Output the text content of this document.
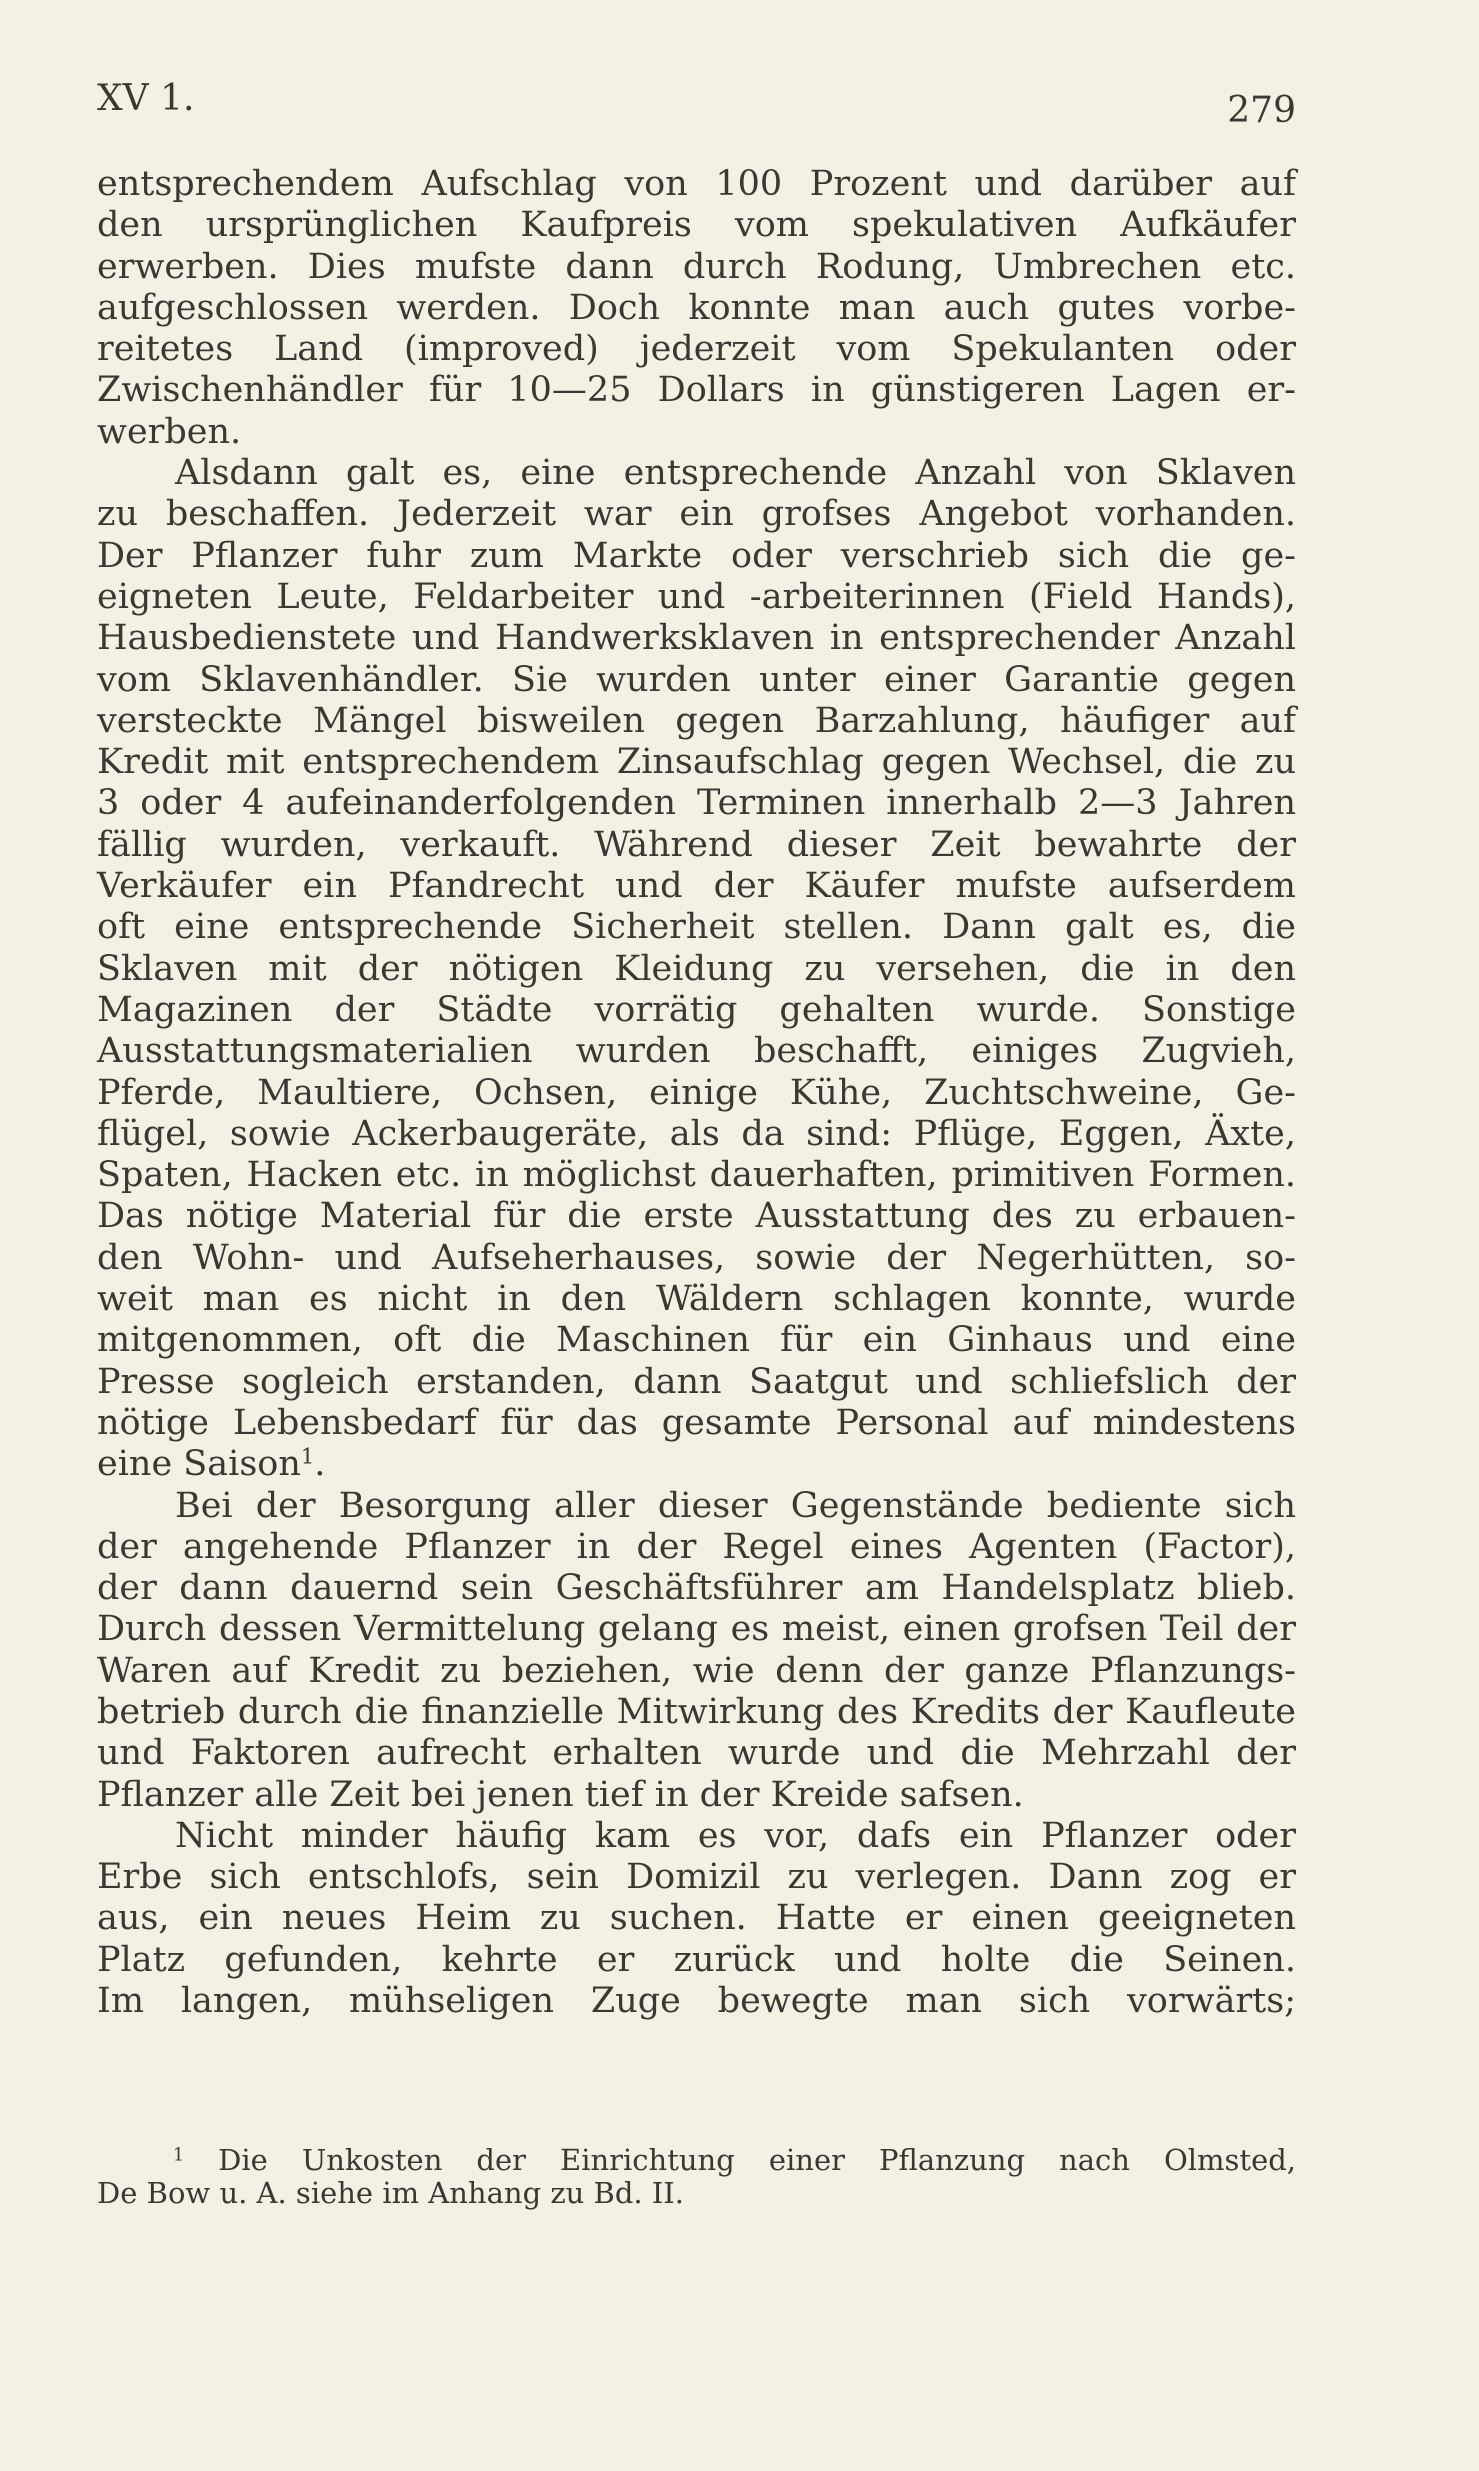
XV 1.	279
entsprechendem Aufschlag von 100 Prozent und darüber auf
den ursprünglichen Kaufpreis vom spekulativen Aufkäufer
erwerben. Dies mufste dann durch Rodung, Umbrechen etc.
aufgeschlossen werden. Doch konnte man auch gutes vorbe-
reitetes Land (improved) jederzeit vom Spekulanten oder
Zwischenhändler für 10—25 Dollars in günstigeren Lagen er-
werben.
Alsdann galt es, eine entsprechende Anzahl von Sklaven
zu beschaffen. Jederzeit war ein grofses Angebot vorhanden.
Der Pflanzer fuhr zum Markte oder verschrieb sich die ge-
eigneten Leute, Feldarbeiter und -arbeiterinnen (Field Hands),
Hausbedienstete und Handwerksklaven in entsprechender Anzahl
vom Sklavenhändler. Sie wurden unter einer Garantie gegen
versteckte Mängel bisweilen gegen Barzahlung, häufiger auf
Kredit mit entsprechendem Zinsaufschlag gegen Wechsel, die zu
3 oder 4 aufeinanderfolgenden Terminen innerhalb 2—3 Jahren
fällig wurden, verkauft. Während dieser Zeit bewahrte der
Verkäufer ein Pfandrecht und der Käufer mufste aufserdem
oft eine entsprechende Sicherheit stellen. Dann galt es, die
Sklaven mit der nötigen Kleidung zu versehen, die in den
Magazinen der Städte vorrätig gehalten wurde. Sonstige
Ausstattungsmaterialien wurden beschafft, einiges Zugvieh,
Pferde, Maultiere, Ochsen, einige Kühe, Zuchtschweine, Ge-
flügel, sowie Ackerbaugeräte, als da sind: Pflüge, Eggen, Äxte,
Spaten, Hacken etc. in möglichst dauerhaften, primitiven Formen.
Das nötige Material für die erste Ausstattung des zu erbauen-
den Wohn- und Aufseherhauses, sowie der Negerhütten, so-
weit man es nicht in den Wäldern schlagen konnte, wurde
mitgenommen, oft die Maschinen für ein Ginhaus und eine
Presse sogleich erstanden, dann Saatgut und schliefslich der
nötige Lebensbedarf für das gesamte Personal auf mindestens
eine Saison$^1$.
Bei der Besorgung aller dieser Gegenstände bediente sich
der angehende Pflanzer in der Regel eines Agenten (Factor),
der dann dauernd sein Geschäftsführer am Handelsplatz blieb.
Durch dessen Vermittelung gelang es meist, einen grofsen Teil der
Waren auf Kredit zu beziehen, wie denn der ganze Pflanzungs-
betrieb durch die finanzielle Mitwirkung des Kredits der Kaufleute
und Faktoren aufrecht erhalten wurde und die Mehrzahl der
Pflanzer alle Zeit bei jenen tief in der Kreide safsen.
Nicht minder häufig kam es vor, dafs ein Pflanzer oder
Erbe sich entschlofs, sein Domizil zu verlegen. Dann zog er
aus, ein neues Heim zu suchen. Hatte er einen geeigneten
Platz gefunden, kehrte er zurück und holte die Seinen.
Im langen, mühseligen Zuge bewegte man sich vorwärts;
$^1$ Die Unkosten der Einrichtung einer Pflanzung nach Olmsted,
De Bow u. A. siehe im Anhang zu Bd. II.
